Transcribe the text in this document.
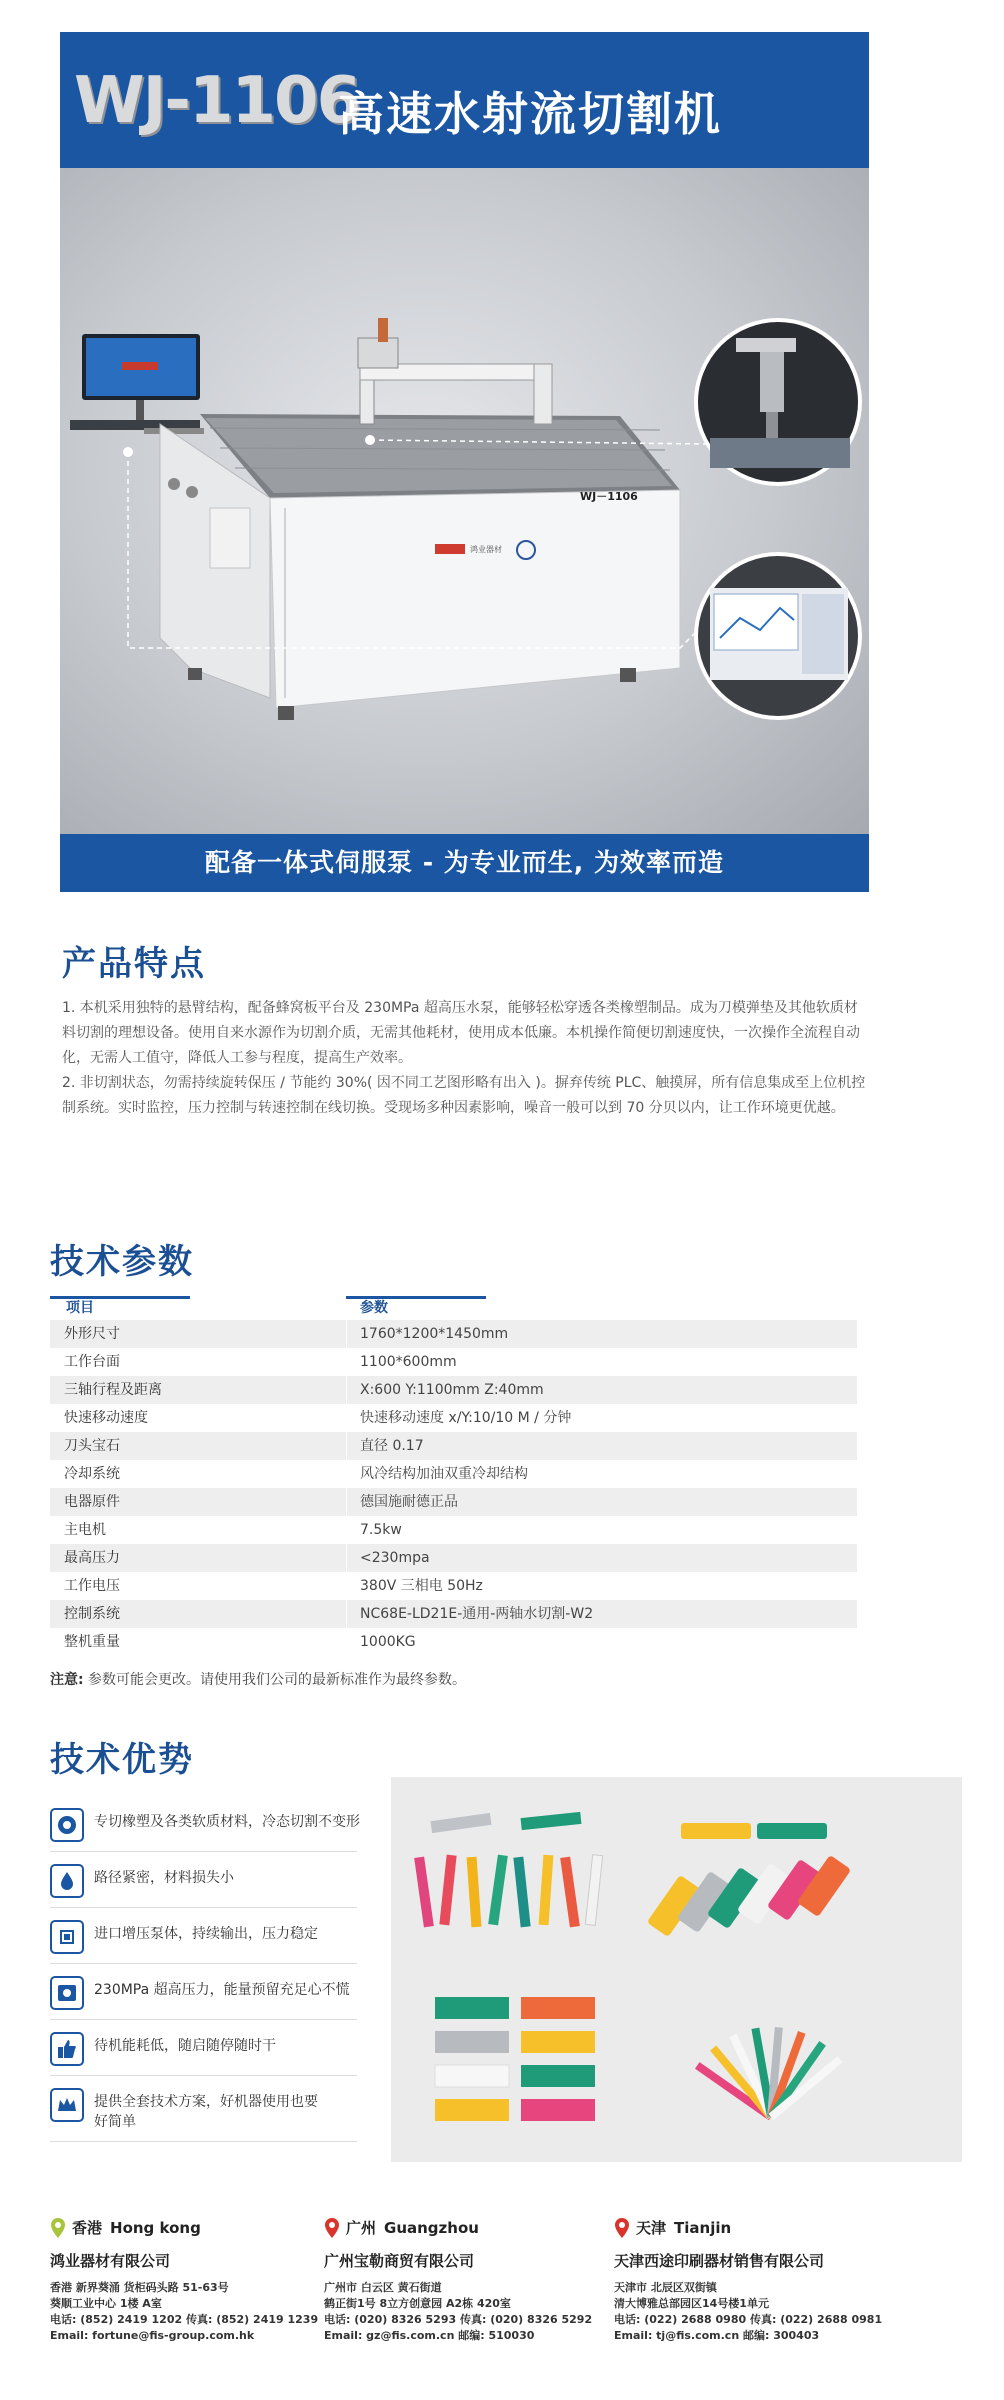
WJ-1106
高速水射流切割机
鸿业器材
WJ－1106
配备一体式伺服泵 - 为专业而生, 为效率而造
产品特点

1. 本机采用独特的悬臂结构，配备蜂窝板平台及 230MPa 超高压水泵，能够轻松穿透各类橡塑制品。成为刀模弹垫及其他软质材料切割的理想设备。使用自来水源作为切割介质，无需其他耗材，使用成本低廉。本机操作简便切割速度快，一次操作全流程自动化，无需人工值守，降低人工参与程度，提高生产效率。

2. 非切割状态，勿需持续旋转保压 / 节能约 30%( 因不同工艺图形略有出入 )。摒弃传统 PLC、触摸屏，所有信息集成至上位机控制系统。实时监控，压力控制与转速控制在线切换。受现场多种因素影响，噪音一般可以到 70 分贝以内，让工作环境更优越。

技术参数
项目	参数
外形尺寸	1760*1200*1450mm
工作台面	1100*600mm
三轴行程及距离	X:600 Y:1100mm Z:40mm
快速移动速度	快速移动速度 x/Y:10/10 M / 分钟
刀头宝石	直径 0.17
冷却系统	风冷结构加油双重冷却结构
电器原件	德国施耐德正品
主电机	7.5kw
最高压力	<230mpa
工作电压	380V 三相电 50Hz
控制系统	NC68E-LD21E-通用-两轴水切割-W2
整机重量	1000KG
注意: 参数可能会更改。请使用我们公司的最新标准作为最终参数。
技术优势
专切橡塑及各类软质材料，冷态切割不变形
路径紧密，材料损失小
进口增压泵体，持续输出，压力稳定
230MPa 超高压力，能量预留充足心不慌
待机能耗低，随启随停随时干
提供全套技术方案，好机器使用也要好简单
香港 Hong kong
鸿业器材有限公司
香港 新界葵涌 货柜码头路 51-63号
葵顺工业中心 1楼 A室
电话: (852) 2419 1202 传真: (852) 2419 1239
Email: fortune@fis-group.com.hk
广州 Guangzhou
广州宝勒商贸有限公司
广州市 白云区 黄石街道
鹤正街1号 8立方创意园 A2栋 420室
电话: (020) 8326 5293 传真: (020) 8326 5292
Email: gz@fis.com.cn 邮编: 510030
天津 Tianjin
天津西途印刷器材销售有限公司
天津市 北辰区双街镇
清大博雅总部园区14号楼1单元
电话: (022) 2688 0980 传真: (022) 2688 0981
Email: tj@fis.com.cn 邮编: 300403
